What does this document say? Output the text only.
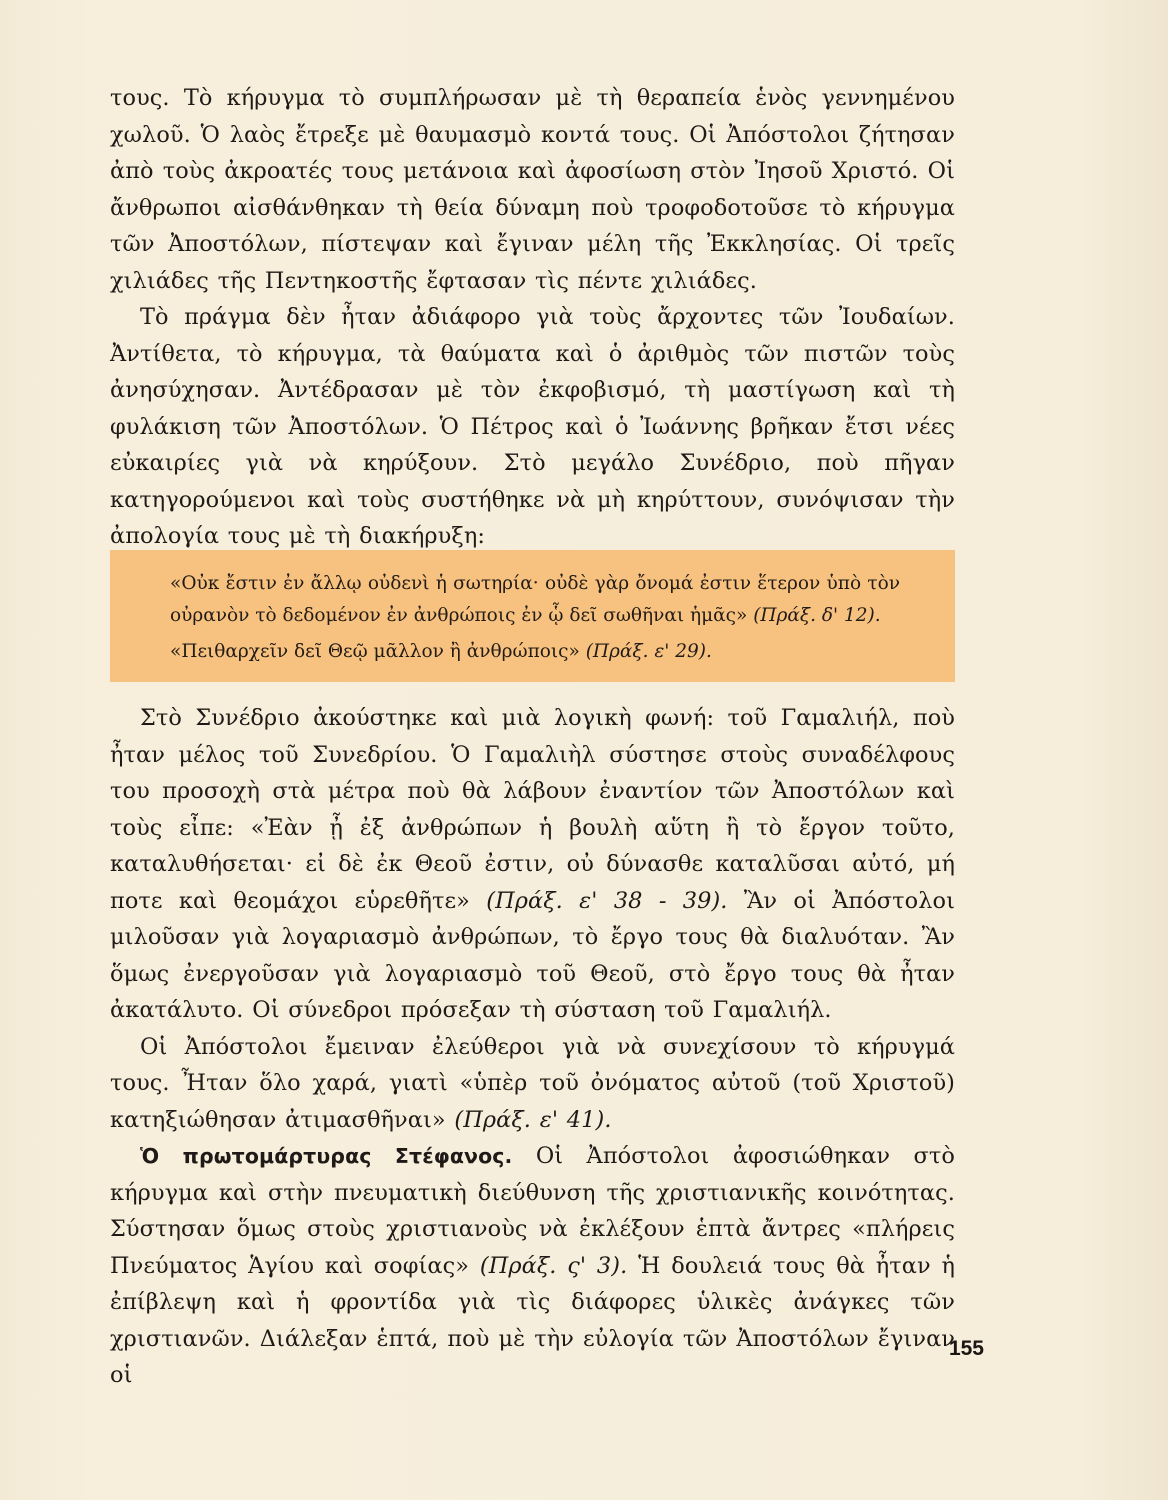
τους. Τὸ κήρυγμα τὸ συμπλήρωσαν μὲ τὴ θεραπεία ἑνὸς γεννημένου χωλοῦ. Ὁ λαὸς ἔτρεξε μὲ θαυμασμὸ κοντά τους. Οἱ Ἀπόστολοι ζήτησαν ἀπὸ τοὺς ἀκροατές τους μετάνοια καὶ ἀφοσίωση στὸν Ἰησοῦ Χριστό. Οἱ ἄνθρωποι αἰσθάνθηκαν τὴ θεία δύναμη ποὺ τροφοδοτοῦσε τὸ κήρυγμα τῶν Ἀποστόλων, πίστεψαν καὶ ἔγιναν μέλη τῆς Ἐκκλησίας. Οἱ τρεῖς χιλιάδες τῆς Πεντηκοστῆς ἔφτασαν τὶς πέντε χιλιάδες.

Τὸ πράγμα δὲν ἦταν ἀδιάφορο γιὰ τοὺς ἄρχοντες τῶν Ἰουδαίων. Ἀντίθετα, τὸ κήρυγμα, τὰ θαύματα καὶ ὁ ἀριθμὸς τῶν πιστῶν τοὺς ἀνησύχησαν. Ἀντέδρασαν μὲ τὸν ἐκφοβισμό, τὴ μαστίγωση καὶ τὴ φυλάκιση τῶν Ἀποστόλων. Ὁ Πέτρος καὶ ὁ Ἰωάννης βρῆκαν ἔτσι νέες εὐκαιρίες γιὰ νὰ κηρύξουν. Στὸ μεγάλο Συνέδριο, ποὺ πῆγαν κατηγορούμενοι καὶ τοὺς συστήθηκε νὰ μὴ κηρύττουν, συνόψισαν τὴν ἀπολογία τους μὲ τὴ διακήρυξη:

«Οὐκ ἔστιν ἐν ἄλλῳ οὐδενὶ ἡ σωτηρία· οὐδὲ γὰρ ὄνομά ἐστιν ἕτερον ὑπὸ τὸν οὐρανὸν τὸ δεδομένον ἐν ἀνθρώποις ἐν ᾧ δεῖ σωθῆναι ἡμᾶς» (Πράξ. δ' 12).

«Πειθαρχεῖν δεῖ Θεῷ μᾶλλον ἢ ἀνθρώποις» (Πράξ. ε' 29).

Στὸ Συνέδριο ἀκούστηκε καὶ μιὰ λογικὴ φωνή: τοῦ Γαμαλιήλ, ποὺ ἦταν μέλος τοῦ Συνεδρίου. Ὁ Γαμαλιὴλ σύστησε στοὺς συναδέλφους του προσοχὴ στὰ μέτρα ποὺ θὰ λάβουν ἐναντίον τῶν Ἀποστόλων καὶ τοὺς εἶπε: «Ἐὰν ᾖ ἐξ ἀνθρώπων ἡ βουλὴ αὕτη ἢ τὸ ἔργον τοῦτο, καταλυθήσεται· εἰ δὲ ἐκ Θεοῦ ἐστιν, οὐ δύνασθε καταλῦσαι αὐτό, μή ποτε καὶ θεομάχοι εὑρεθῆτε» (Πράξ. ε' 38 - 39). Ἂν οἱ Ἀπόστολοι μιλοῦσαν γιὰ λογαριασμὸ ἀνθρώπων, τὸ ἔργο τους θὰ διαλυόταν. Ἂν ὅμως ἐνεργοῦσαν γιὰ λογαριασμὸ τοῦ Θεοῦ, στὸ ἔργο τους θὰ ἦταν ἀκατάλυτο. Οἱ σύνεδροι πρόσεξαν τὴ σύσταση τοῦ Γαμαλιήλ.

Οἱ Ἀπόστολοι ἔμειναν ἐλεύθεροι γιὰ νὰ συνεχίσουν τὸ κήρυγμά τους. Ἦταν ὅλο χαρά, γιατὶ «ὑπὲρ τοῦ ὀνόματος αὐτοῦ (τοῦ Χριστοῦ) κατηξιώθησαν ἀτιμασθῆναι» (Πράξ. ε' 41).

Ὁ πρωτομάρτυρας Στέφανος. Οἱ Ἀπόστολοι ἀφοσιώθηκαν στὸ κήρυγμα καὶ στὴν πνευματικὴ διεύθυνση τῆς χριστιανικῆς κοινότητας. Σύστησαν ὅμως στοὺς χριστιανοὺς νὰ ἐκλέξουν ἑπτὰ ἄντρες «πλήρεις Πνεύματος Ἁγίου καὶ σοφίας» (Πράξ. ς' 3). Ἡ δουλειά τους θὰ ἦταν ἡ ἐπίβλεψη καὶ ἡ φροντίδα γιὰ τὶς διάφορες ὑλικὲς ἀνάγκες τῶν χριστιανῶν. Διάλεξαν ἑπτά, ποὺ μὲ τὴν εὐλογία τῶν Ἀποστόλων ἔγιναν οἱ

155
